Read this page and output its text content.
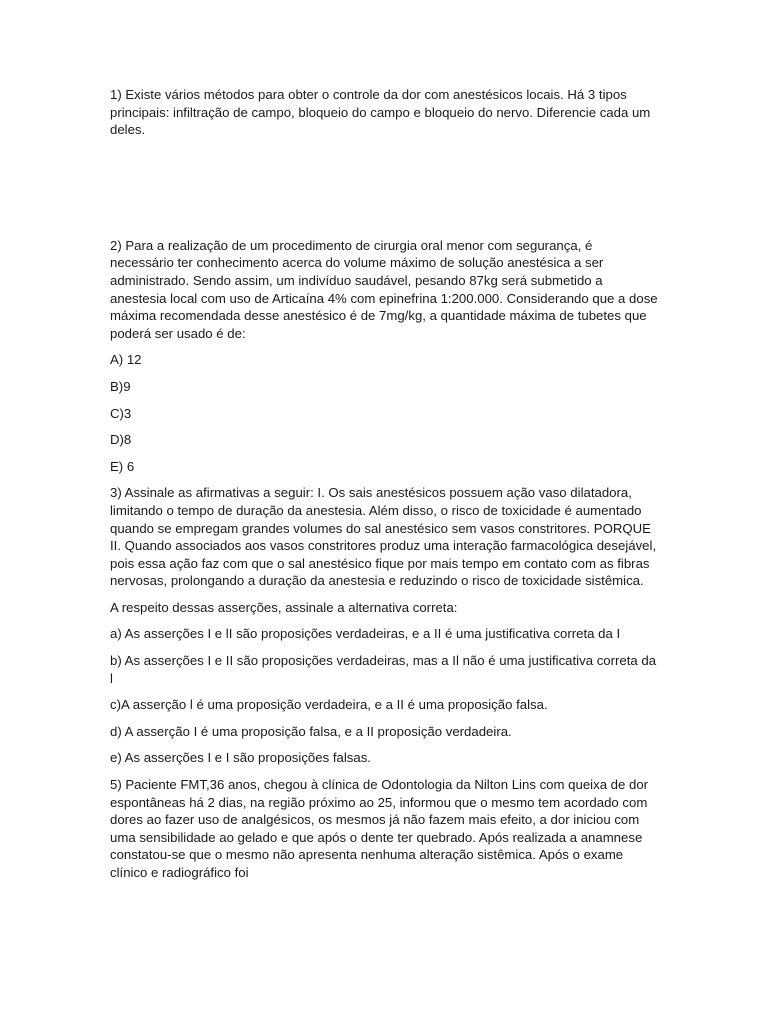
1) Existe vários métodos para obter o controle da dor com anestésicos locais. Há 3 tipos principais: infiltração de campo, bloqueio do campo e bloqueio do nervo. Diferencie cada um deles.

2) Para a realização de um procedimento de cirurgia oral menor com segurança, é necessário ter conhecimento acerca do volume máximo de solução anestésica a ser administrado. Sendo assim, um indivíduo saudável, pesando 87kg será submetido a anestesia local com uso de Articaína 4% com epinefrina 1:200.000. Considerando que a dose máxima recomendada desse anestésico é de 7mg/kg, a quantidade máxima de tubetes que poderá ser usado é de:

A) 12

B)9

C)3

D)8

E) 6

3) Assinale as afirmativas a seguir: I. Os sais anestésicos possuem ação vaso dilatadora, limitando o tempo de duração da anestesia. Além disso, o risco de toxicidade é aumentado quando se empregam grandes volumes do sal anestésico sem vasos constritores. PORQUE II. Quando associados aos vasos constritores produz uma interação farmacológica desejável, pois essa ação faz com que o sal anestésico fique por mais tempo em contato com as fibras nervosas, prolongando a duração da anestesia e reduzindo o risco de toxicidade sistêmica.

A respeito dessas asserções, assinale a alternativa correta:

a) As asserções I e lI são proposições verdadeiras, e a II é uma justificativa correta da I

b) As asserções I e II são proposições verdadeiras, mas a Il não é uma justificativa correta da l

c)A asserção l é uma proposição verdadeira, e a II é uma proposição falsa.

d) A asserção I é uma proposição falsa, e a II proposição verdadeira.

e) As asserções I e I são proposições falsas.

5) Paciente FMT,36 anos, chegou à clínica de Odontologia da Nilton Lins com queixa de dor espontâneas há 2 dias, na região próximo ao 25, informou que o mesmo tem acordado com dores ao fazer uso de analgésicos, os mesmos já não fazem mais efeito, a dor iniciou com uma sensibilidade ao gelado e que após o dente ter quebrado. Após realizada a anamnese constatou-se que o mesmo não apresenta nenhuma alteração sistêmica. Após o exame clínico e radiográfico foi
